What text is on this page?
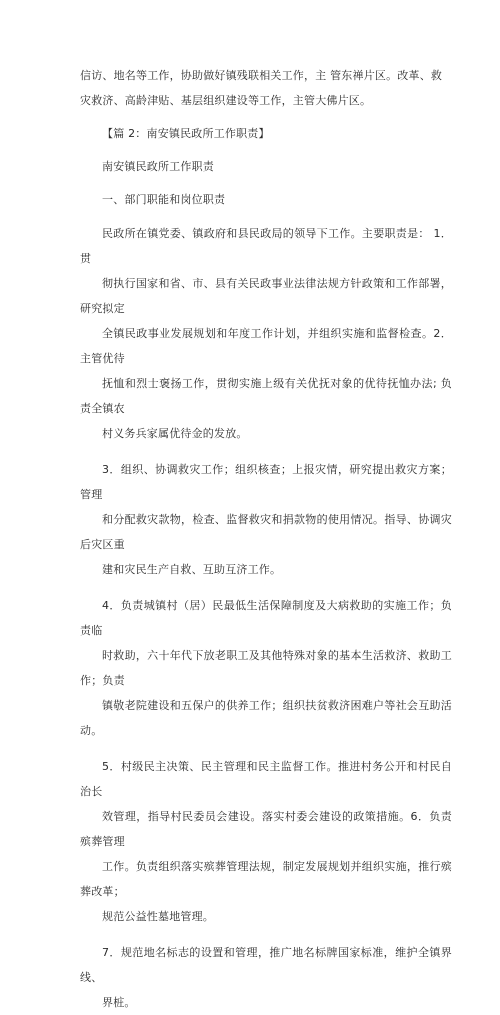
信访、地名等工作，协助做好镇残联相关工作，主 管东禅片区。改革、救
灾救济、高龄津贴、基层组织建设等工作，主管大佛片区。

【篇 2：南安镇民政所工作职责】

南安镇民政所工作职责

一、部门职能和岗位职责

民政所在镇党委、镇政府和县民政局的领导下工作。主要职责是： 1．贯
彻执行国家和省、市、县有关民政事业法律法规方针政策和工作部署，研究拟定
全镇民政事业发展规划和年度工作计划，并组织实施和监督检查。2．主管优待
抚恤和烈士褒扬工作，贯彻实施上级有关优抚对象的优待抚恤办法; 负责全镇农
村义务兵家属优待金的发放。

3．组织、协调救灾工作；组织核查；上报灾情，研究提出救灾方案；管理
和分配救灾款物，检查、监督救灾和捐款物的使用情况。指导、协调灾后灾区重
建和灾民生产自救、互助互济工作。

4．负责城镇村（居）民最低生活保障制度及大病救助的实施工作；负责临
时救助，六十年代下放老职工及其他特殊对象的基本生活救济、救助工作；负责
镇敬老院建设和五保户的供养工作；组织扶贫救济困难户等社会互助活动。

5．村级民主决策、民主管理和民主监督工作。推进村务公开和村民自治长
效管理，指导村民委员会建设。落实村委会建设的政策措施。6．负责殡葬管理
工作。负责组织落实殡葬管理法规，制定发展规划并组织实施，推行殡葬改革；
规范公益性墓地管理。

7．规范地名标志的设置和管理，推广地名标牌国家标准，维护全镇界线、
界桩。
